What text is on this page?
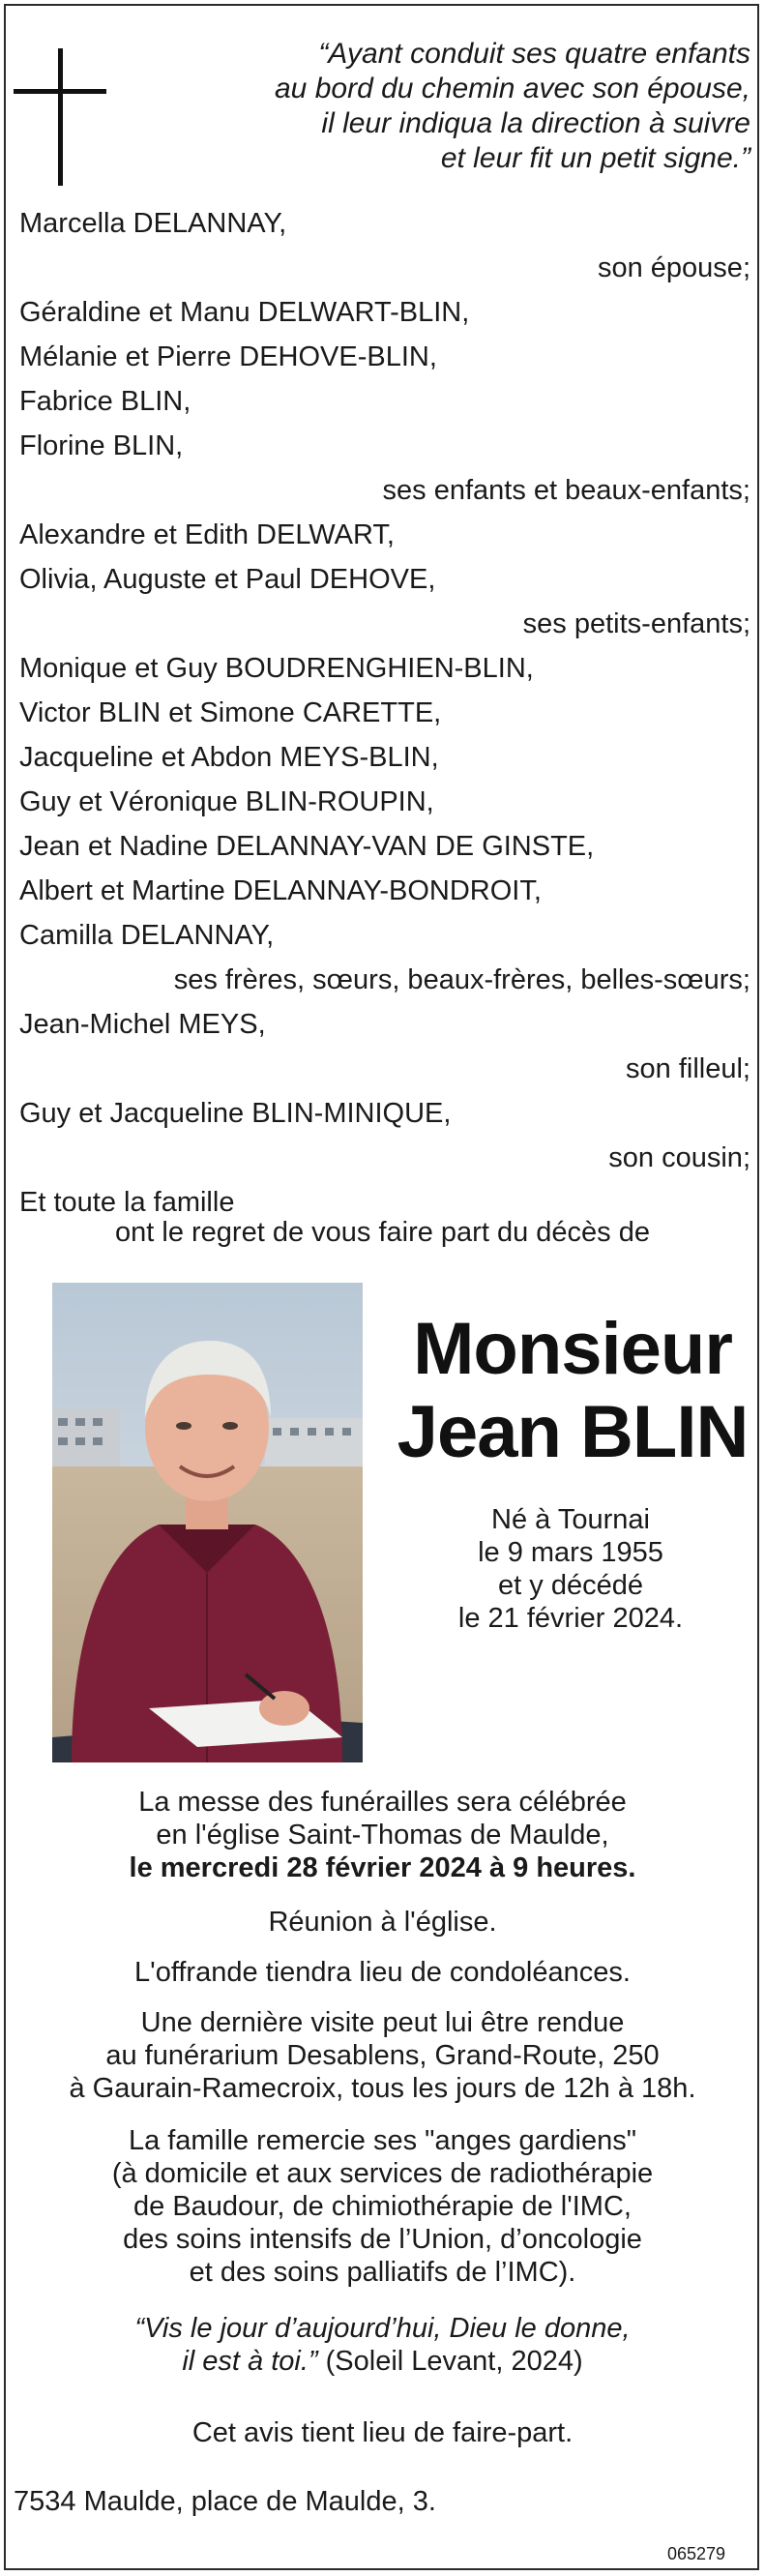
“Ayant conduit ses quatre enfants
au bord du chemin avec son épouse,
il leur indiqua la direction à suivre
et leur fit un petit signe.”
Marcella DELANNAY,
son épouse;
Géraldine et Manu DELWART-BLIN,
Mélanie et Pierre DEHOVE-BLIN,
Fabrice BLIN,
Florine BLIN,
ses enfants et beaux-enfants;
Alexandre et Edith DELWART,
Olivia, Auguste et Paul DEHOVE,
ses petits-enfants;
Monique et Guy BOUDRENGHIEN-BLIN,
Victor BLIN et Simone CARETTE,
Jacqueline et Abdon MEYS-BLIN,
Guy et Véronique BLIN-ROUPIN,
Jean et Nadine DELANNAY-VAN DE GINSTE,
Albert et Martine DELANNAY-BONDROIT,
Camilla DELANNAY,
ses frères, sœurs, beaux-frères, belles-sœurs;
Jean-Michel MEYS,
son filleul;
Guy et Jacqueline BLIN-MINIQUE,
son cousin;
Et toute la famille
ont le regret de vous faire part du décès de
Monsieur
Jean BLIN
Né à Tournai
le 9 mars 1955
et y décédé
le 21 février 2024.
La messe des funérailles sera célébrée
en l'église Saint-Thomas de Maulde,
le mercredi 28 février 2024 à 9 heures.
Réunion à l'église.
L'offrande tiendra lieu de condoléances.
Une dernière visite peut lui être rendue
au funérarium Desablens, Grand-Route, 250
à Gaurain-Ramecroix, tous les jours de 12h à 18h.
La famille remercie ses "anges gardiens"
(à domicile et aux services de radiothérapie
de Baudour, de chimiothérapie de l'IMC,
des soins intensifs de l’Union, d’oncologie
et des soins palliatifs de l’IMC).
“Vis le jour d’aujourd’hui, Dieu le donne,
il est à toi.” (Soleil Levant, 2024)
Cet avis tient lieu de faire-part.
7534 Maulde, place de Maulde, 3.
065279
